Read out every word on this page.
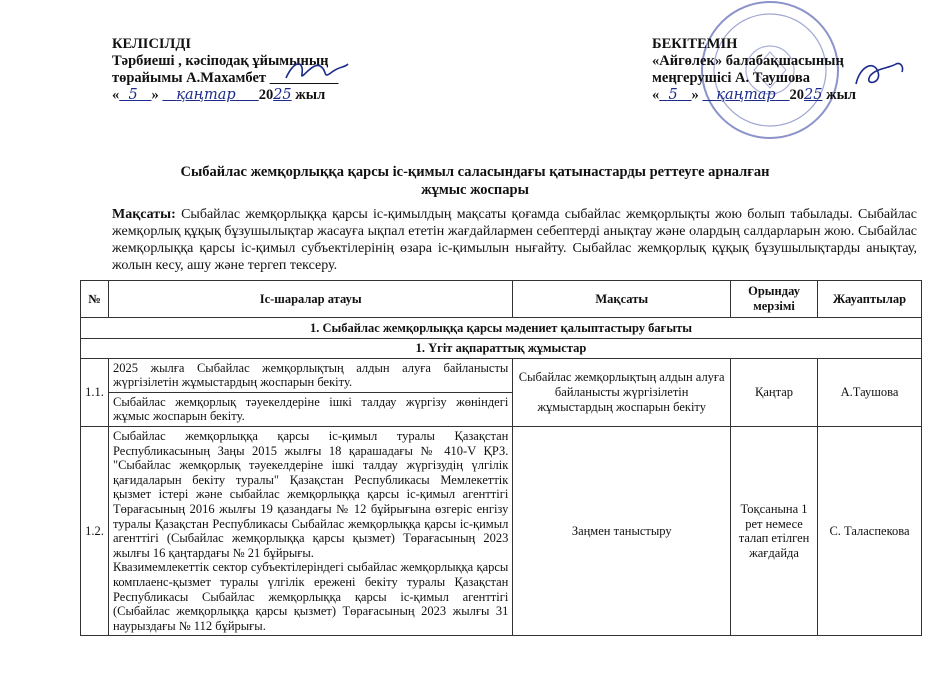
КЕЛІСІЛДІ
Тәрбиеші , кәсіподақ ұйымының
төрайымы А.Махамбет
« 5 » қаңтар 2025 жыл
БЕКІТЕМІН
«Айгөлек» балабақшасының
меңгерушісі А. Таушова
« 5 » қаңтар 2025 жыл
Сыбайлас жемқорлыққа қарсы іс-қимыл саласындағы қатынастарды реттеуге арналған
жұмыс жоспары
Мақсаты: Сыбайлас жемқорлыққа қарсы іс-қимылдың мақсаты қоғамда сыбайлас жемқорлықты жою болып табылады. Сыбайлас жемқорлық құқық бұзушылықтар жасауға ықпал ететін жағдайлармен себептерді анықтау және олардың салдарларын жою. Сыбайлас жемқорлыққа қарсы іс-қимыл субъектілерінің өзара іс-қимылын нығайту. Сыбайлас жемқорлық құқық бұзушылықтарды анықтау, жолын кесу, ашу және тергеп тексеру.
№	Іс-шаралар атауы	Мақсаты	Орындау мерзімі	Жауаптылар
1. Сыбайлас жемқорлыққа қарсы мәдениет қалыптастыру бағыты				
1. Үгіт ақпараттық жұмыстар				
1.1.	2025 жылға Сыбайлас жемқорлықтың алдын алуға байланысты жүргізілетін жұмыстардың жоспарын бекіту.	Сыбайлас жемқорлықтың алдын алуға байланысты жүргізілетін жұмыстардың жоспарын бекіту	Қаңтар	А.Таушова
	Сыбайлас жемқорлық тәуекелдеріне ішкі талдау жүргізу жөніндегі жұмыс жоспарын бекіту.			
1.2.	Сыбайлас жемқорлыққа қарсы іс-қимыл туралы Қазақстан Республикасының Заңы 2015 жылғы 18 қарашадағы № 410-V ҚРЗ. "Сыбайлас жемқорлық тәуекелдеріне ішкі талдау жүргізудің үлгілік қағидаларын бекіту туралы" Қазақстан Республикасы Мемлекеттік қызмет істері және сыбайлас жемқорлыққа қарсы іс-қимыл агенттігі Төрағасының 2016 жылғы 19 қазандағы № 12 бұйрығына өзгеріс енгізу туралы Қазақстан Республикасы Сыбайлас жемқорлыққа қарсы іс-қимыл агенттігі (Сыбайлас жемқорлыққа қарсы қызмет) Төрағасының 2023 жылғы 16 қаңтардағы № 21 бұйрығы.
Квазимемлекеттік сектор субъектілеріндегі сыбайлас жемқорлыққа қарсы комплаенс-қызмет туралы үлгілік ережені бекіту туралы Қазақстан Республикасы Сыбайлас жемқорлыққа қарсы іс-қимыл агенттігі (Сыбайлас жемқорлыққа қарсы қызмет) Төрағасының 2023 жылғы 31 наурыздағы № 112 бұйрығы.	Заңмен таныстыру	Тоқсанына 1 рет немесе талап етілген жағдайда	С. Таласпекова
